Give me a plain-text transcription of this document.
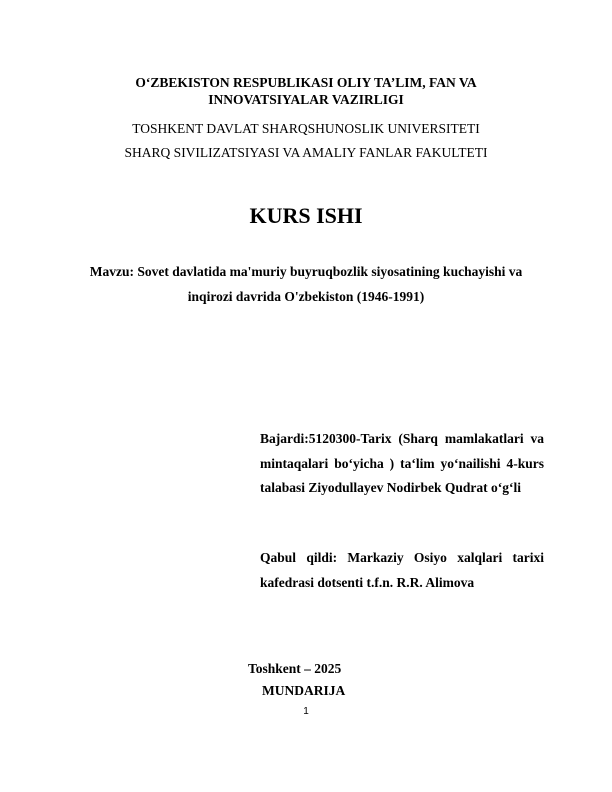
O‘ZBEKISTON RESPUBLIKASI OLIY TA’LIM, FAN VA
INNOVATSIYALAR VAZIRLIGI
TOSHKENT DAVLAT SHARQSHUNOSLIK UNIVERSITETI
SHARQ SIVILIZATSIYASI VA AMALIY FANLAR FAKULTETI
KURS ISHI
Mavzu: Sovet davlatida ma'muriy buyruqbozlik siyosatining kuchayishi va
inqirozi davrida O'zbekiston (1946-1991)
Bajardi:5120300-Tarix (Sharq mamlakatlari va
mintaqalari bo‘yicha ) ta‘lim yo‘nailishi 4-kurs
talabasi Ziyodullayev Nodirbek Qudrat o‘g‘li
Qabul qildi: Markaziy Osiyo xalqlari tarixi
kafedrasi dotsenti t.f.n. R.R. Alimova
Toshkent – 2025
MUNDARIJA
1
